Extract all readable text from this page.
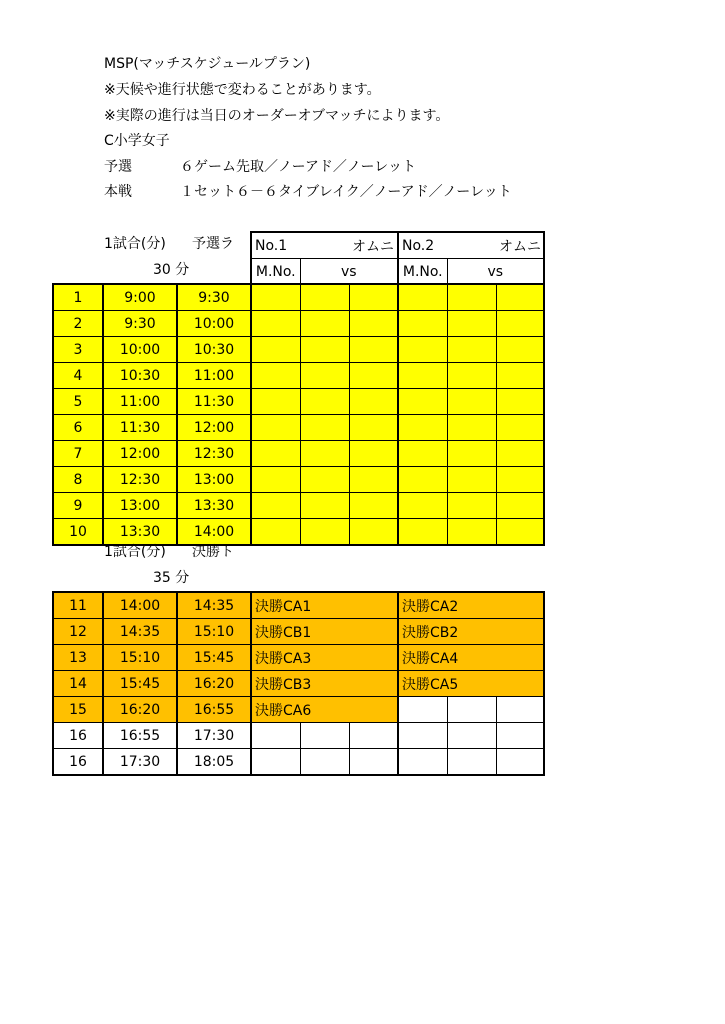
MSP(マッチスケジュールプラン)
※天候や進行状態で変わることがあります。
※実際の進行は当日のオーダーオブマッチによります。
C小学女子
予選	６ゲーム先取／ノーアド／ノーレット
本戦	１セット６－６タイブレイク／ノーアド／ノーレット
1試合(分) 予選ラ
30 分
No.1		オムニ	No.2		オムニ
M.No.	vs		M.No.	vs	
1	9:00	9:30						
2	9:30	10:00						
3	10:00	10:30						
4	10:30	11:00						
5	11:00	11:30						
6	11:30	12:00						
7	12:00	12:30						
8	12:30	13:00						
9	13:00	13:30						
10	13:30	14:00						
1試合(分) 決勝ト
35 分
11	14:00	14:35	決勝CA1			決勝CA2		
12	14:35	15:10	決勝CB1			決勝CB2		
13	15:10	15:45	決勝CA3			決勝CA4		
14	15:45	16:20	決勝CB3			決勝CA5		
15	16:20	16:55	決勝CA6					
16	16:55	17:30						
16	17:30	18:05						
